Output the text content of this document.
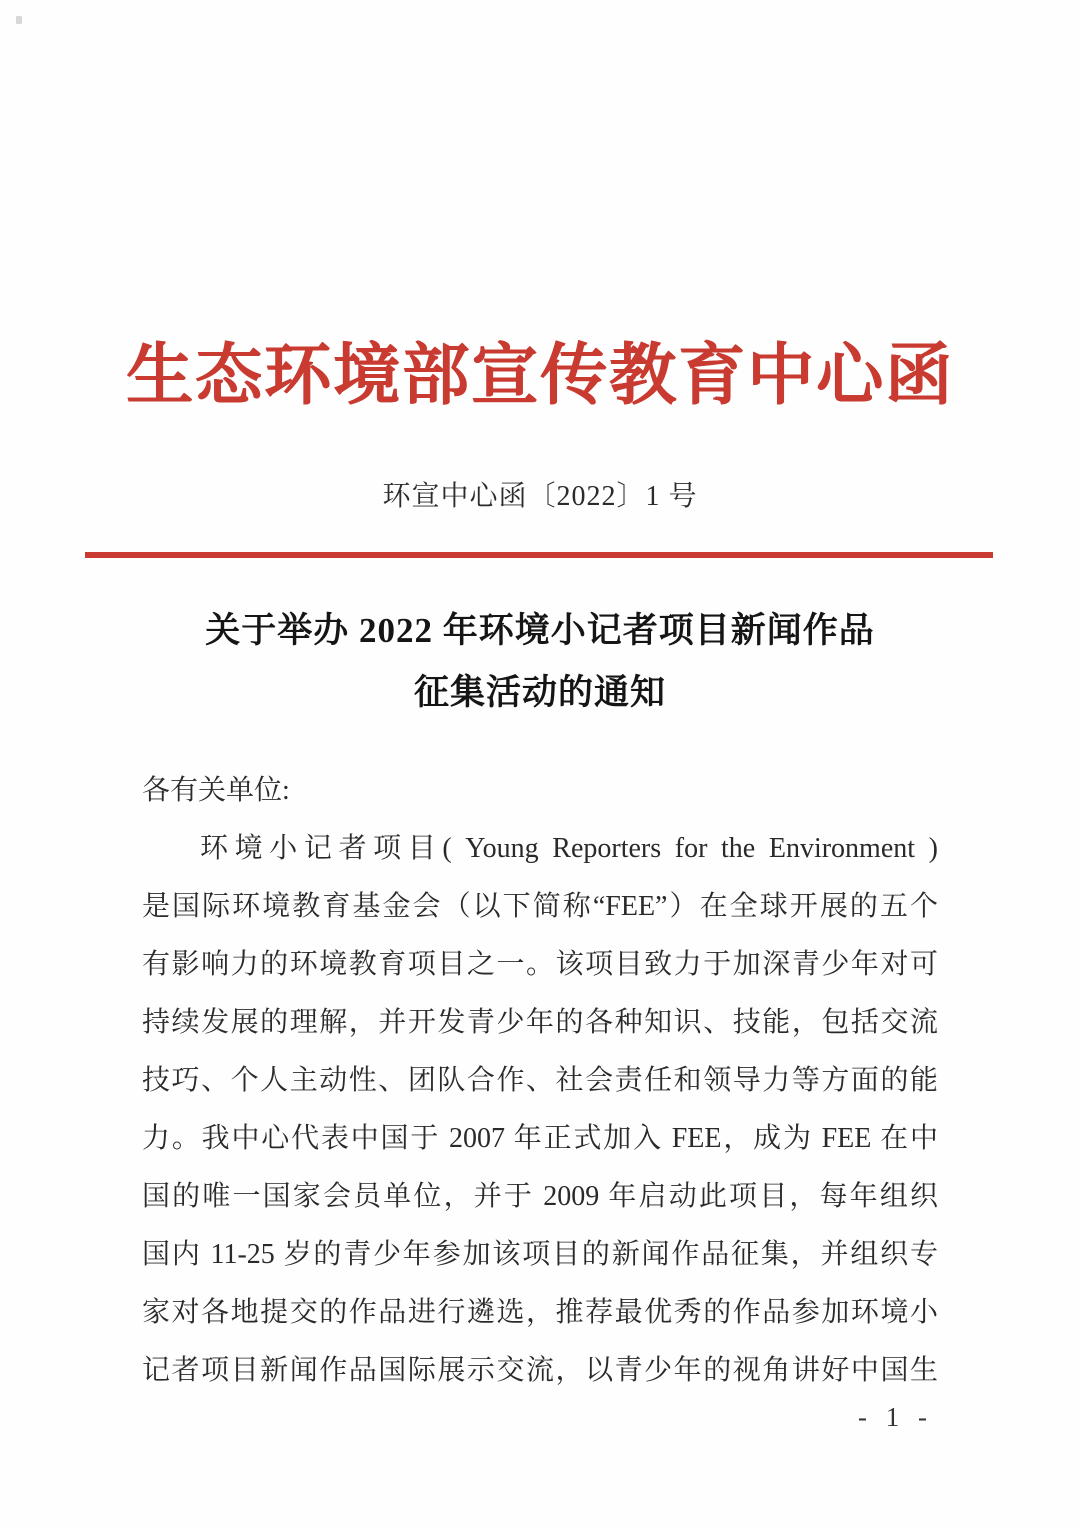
生态环境部宣传教育中心函
环宣中心函〔2022〕1 号
关于举办 2022 年环境小记者项目新闻作品
征集活动的通知
各有关单位:
环境小记者项目( Young Reporters for the Environment )
是国际环境教育基金会（以下简称“FEE”）在全球开展的五个
有影响力的环境教育项目之一。该项目致力于加深青少年对可
持续发展的理解，并开发青少年的各种知识、技能，包括交流
技巧、个人主动性、团队合作、社会责任和领导力等方面的能
力。我中心代表中国于 2007 年正式加入 FEE，成为 FEE 在中
国的唯一国家会员单位，并于 2009 年启动此项目，每年组织
国内 11-25 岁的青少年参加该项目的新闻作品征集，并组织专
家对各地提交的作品进行遴选，推荐最优秀的作品参加环境小
记者项目新闻作品国际展示交流，以青少年的视角讲好中国生
- 1 -
